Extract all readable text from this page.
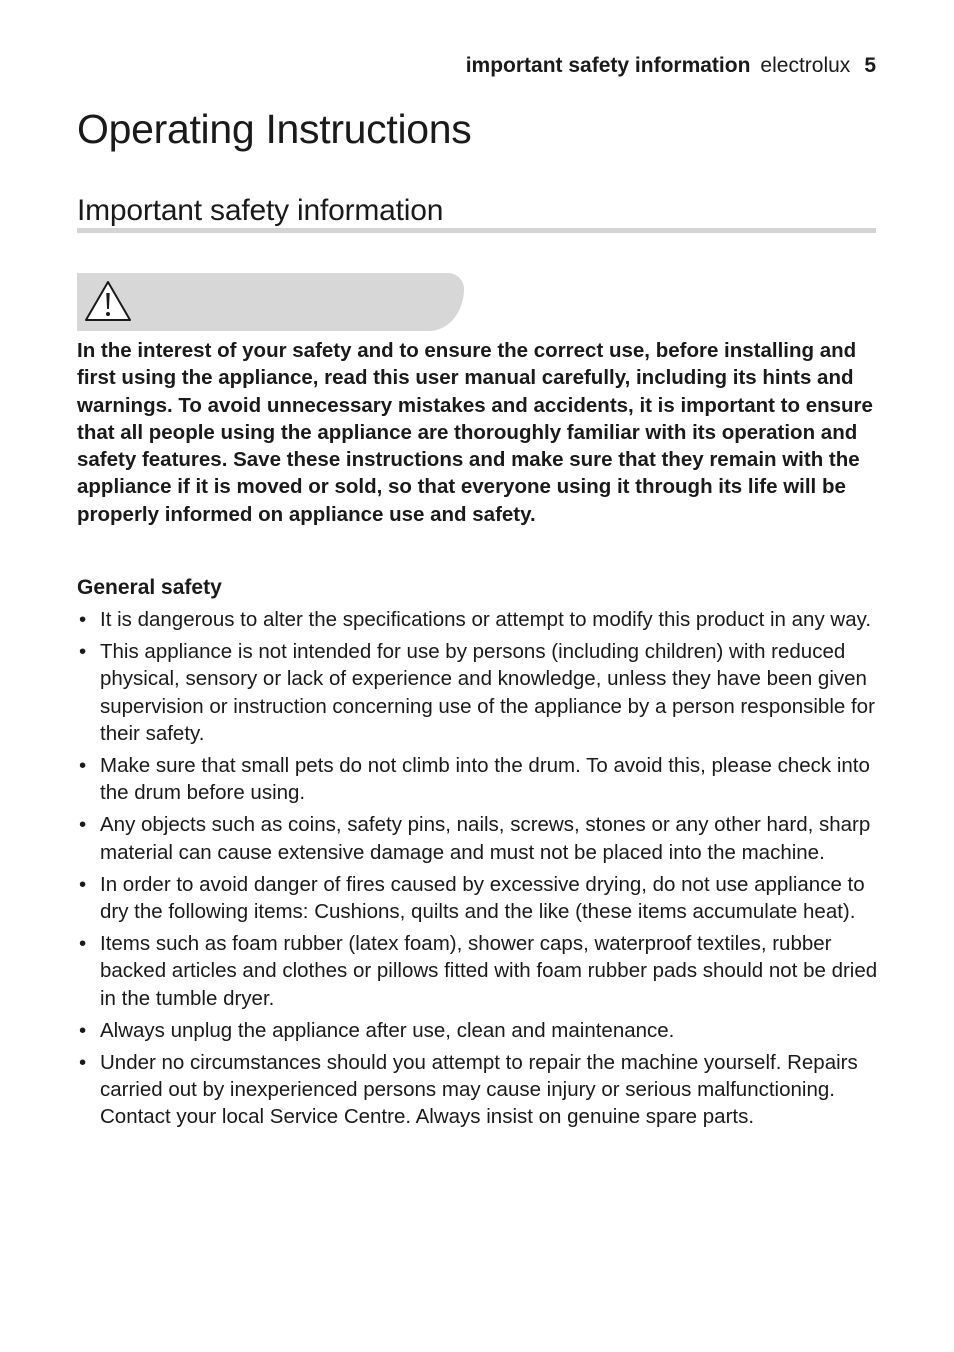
important safety information electrolux 5
Operating Instructions
Important safety information

In the interest of your safety and to ensure the correct use, before installing and first using the appliance, read this user manual carefully, including its hints and warnings. To avoid unnecessary mistakes and accidents, it is important to ensure that all people using the appliance are thoroughly familiar with its operation and safety features. Save these instructions and make sure that they remain with the appliance if it is moved or sold, so that everyone using it through its life will be properly informed on appliance use and safety.

General safety
• It is dangerous to alter the specifications or attempt to modify this product in any way.
• This appliance is not intended for use by persons (including children) with reduced physical, sensory or lack of experience and knowledge, unless they have been given supervision or instruction concerning use of the appliance by a person responsible for their safety.
• Make sure that small pets do not climb into the drum. To avoid this, please check into the drum before using.
• Any objects such as coins, safety pins, nails, screws, stones or any other hard, sharp material can cause extensive damage and must not be placed into the machine.
• In order to avoid danger of fires caused by excessive drying, do not use appliance to dry the following items: Cushions, quilts and the like (these items accumulate heat).
• Items such as foam rubber (latex foam), shower caps, waterproof textiles, rubber backed articles and clothes or pillows fitted with foam rubber pads should not be dried in the tumble dryer.
• Always unplug the appliance after use, clean and maintenance.
• Under no circumstances should you attempt to repair the machine yourself. Repairs carried out by inexperienced persons may cause injury or serious malfunctioning. Contact your local Service Centre. Always insist on genuine spare parts.
